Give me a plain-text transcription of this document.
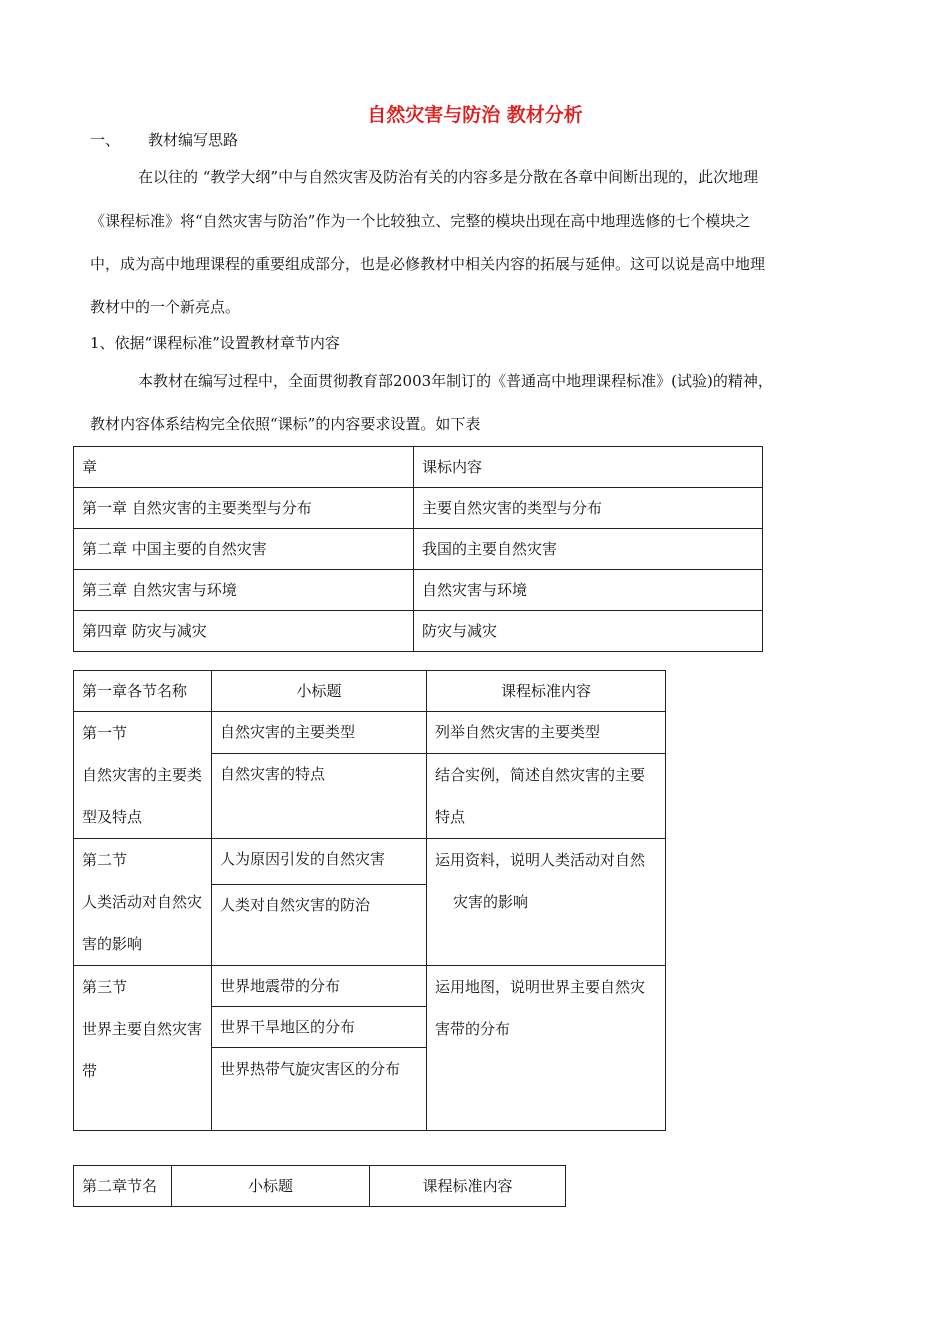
自然灾害与防治 教材分析
一、 教材编写思路
在以往的 “教学大纲”中与自然灾害及防治有关的内容多是分散在各章中间断出现的，此次地理
《课程标准》将“自然灾害与防治”作为一个比较独立、完整的模块出现在高中地理选修的七个模块之
中，成为高中地理课程的重要组成部分，也是必修教材中相关内容的拓展与延伸。这可以说是高中地理
教材中的一个新亮点。
1、依据“课程标准”设置教材章节内容
本教材在编写过程中，全面贯彻教育部2003年制订的《普通高中地理课程标准》(试验)的精神，
教材内容体系结构完全依照“课标”的内容要求设置。如下表
章	课标内容
第一章 自然灾害的主要类型与分布	主要自然灾害的类型与分布
第二章 中国主要的自然灾害	我国的主要自然灾害
第三章 自然灾害与环境	自然灾害与环境
第四章 防灾与减灾	防灾与减灾
第一章各节名称	小标题	课程标准内容
第一节
自然灾害的主要类型及特点	自然灾害的主要类型	列举自然灾害的主要类型
	自然灾害的特点	结合实例，简述自然灾害的主要特点
第二节
人类活动对自然灾害的影响	人为原因引发的自然灾害	运用资料，说明人类活动对自然灾害的影响
	人类对自然灾害的防治	
第三节
世界主要自然灾害带	世界地震带的分布	运用地图，说明世界主要自然灾害带的分布
	世界干旱地区的分布	
	世界热带气旋灾害区的分布	
第二章节名	小标题	课程标准内容
